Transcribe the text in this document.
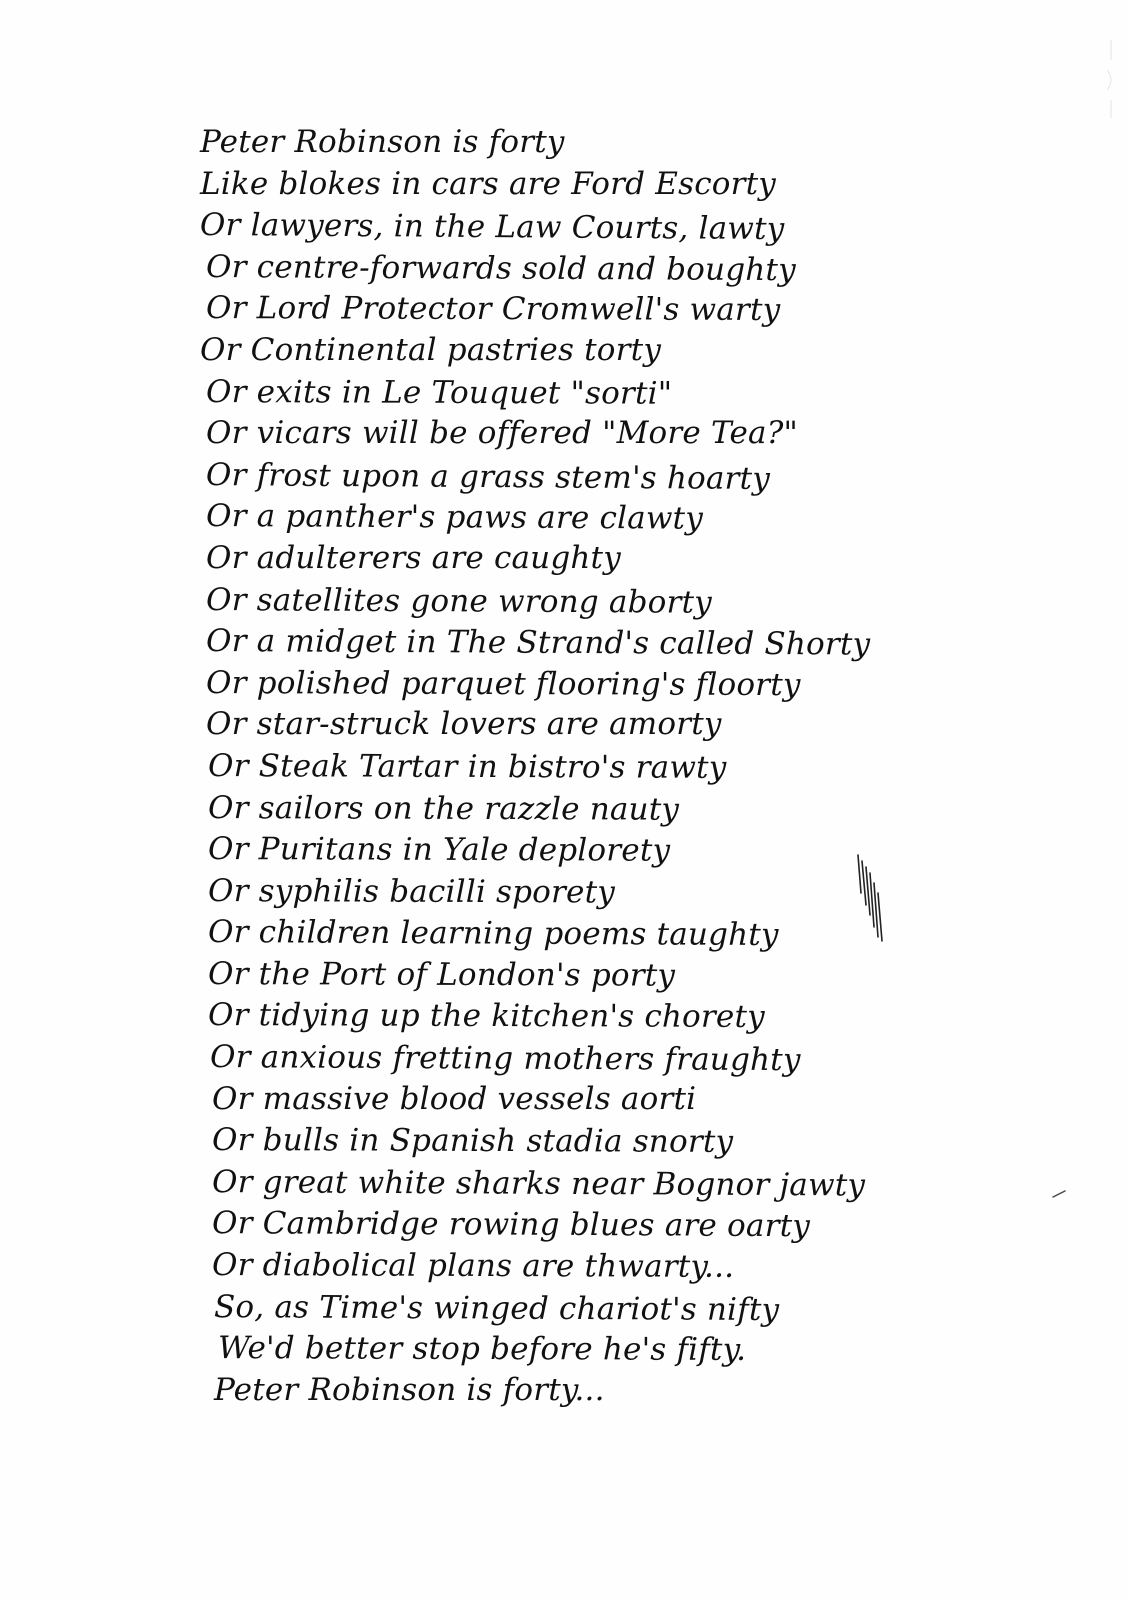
Peter Robinson is forty
Like blokes in cars are Ford Escorty
Or lawyers, in the Law Courts, lawty
Or centre-forwards sold and boughty
Or Lord Protector Cromwell's warty
Or Continental pastries torty
Or exits in Le Touquet "sorti"
Or vicars will be offered "More Tea?"
Or frost upon a grass stem's hoarty
Or a panther's paws are clawty
Or adulterers are caughty
Or satellites gone wrong aborty
Or a midget in The Strand's called Shorty
Or polished parquet flooring's floorty
Or star-struck lovers are amorty
Or Steak Tartar in bistro's rawty
Or sailors on the razzle nauty
Or Puritans in Yale deplorety
Or syphilis bacilli sporety
Or children learning poems taughty
Or the Port of London's porty
Or tidying up the kitchen's chorety
Or anxious fretting mothers fraughty
Or massive blood vessels aorti
Or bulls in Spanish stadia snorty
Or great white sharks near Bognor jawty
Or Cambridge rowing blues are oarty
Or diabolical plans are thwarty...
So, as Time's winged chariot's nifty
We'd better stop before he's fifty.
Peter Robinson is forty...
